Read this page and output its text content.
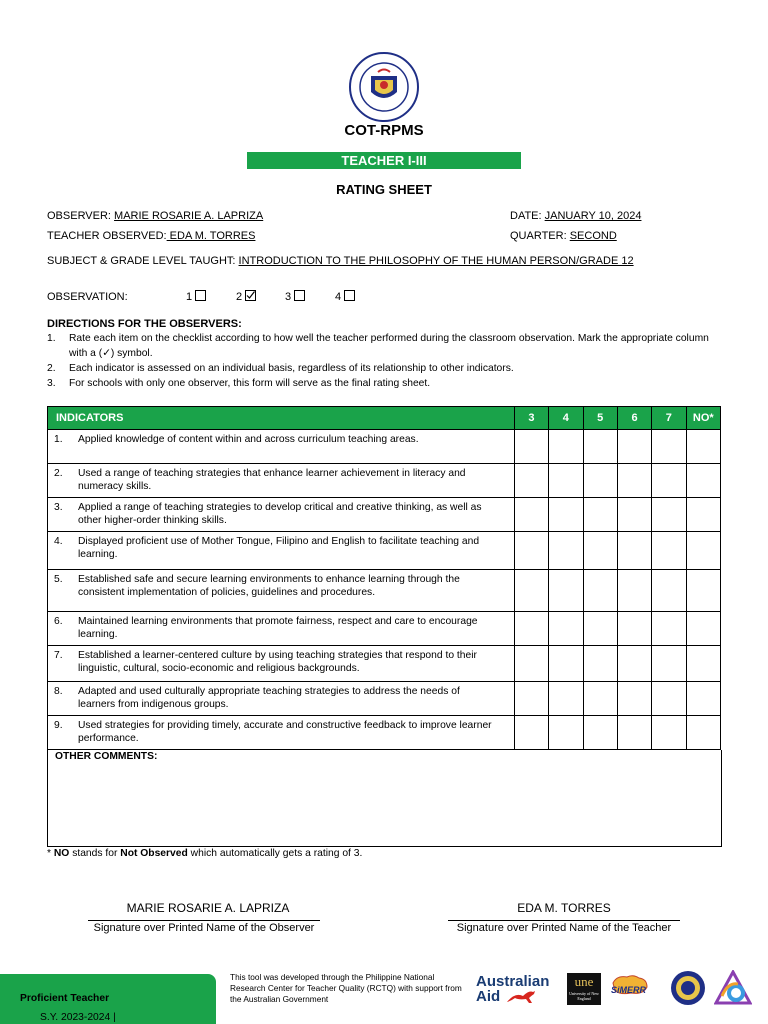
COT-RPMS
TEACHER I-III
RATING SHEET
OBSERVER: MARIE ROSARIE A. LAPRIZA	DATE: JANUARY 10, 2024
TEACHER OBSERVED: EDA M. TORRES	QUARTER: SECOND
SUBJECT & GRADE LEVEL TAUGHT: INTRODUCTION TO THE PHILOSOPHY OF THE HUMAN PERSON/GRADE 12
OBSERVATION:	1	2	3	4
DIRECTIONS FOR THE OBSERVERS:
1. Rate each item on the checklist according to how well the teacher performed during the classroom observation. Mark the appropriate column with a (✓) symbol.
2. Each indicator is assessed on an individual basis, regardless of its relationship to other indicators.
3. For schools with only one observer, this form will serve as the final rating sheet.
INDICATORS	3	4	5	6	7	NO*
1. Applied knowledge of content within and across curriculum teaching areas.						
2. Used a range of teaching strategies that enhance learner achievement in literacy and numeracy skills.						
3. Applied a range of teaching strategies to develop critical and creative thinking, as well as other higher-order thinking skills.						
4. Displayed proficient use of Mother Tongue, Filipino and English to facilitate teaching and learning.						
5. Established safe and secure learning environments to enhance learning through the consistent implementation of policies, guidelines and procedures.						
6. Maintained learning environments that promote fairness, respect and care to encourage learning.						
7. Established a learner-centered culture by using teaching strategies that respond to their linguistic, cultural, socio-economic and religious backgrounds.						
8. Adapted and used culturally appropriate teaching strategies to address the needs of learners from indigenous groups.						
9. Used strategies for providing timely, accurate and constructive feedback to improve learner performance.						
OTHER COMMENTS:
* NO stands for Not Observed which automatically gets a rating of 3.
MARIE ROSARIE A. LAPRIZA
Signature over Printed Name of the Observer
EDA M. TORRES
Signature over Printed Name of the Teacher
S.Y. 2023-2024 |
Proficient Teacher
This tool was developed through the Philippine National Research Center for Teacher Quality (RCTQ) with support from the Australian Government
Australian
Aid
une
University of New England
SiMERR
